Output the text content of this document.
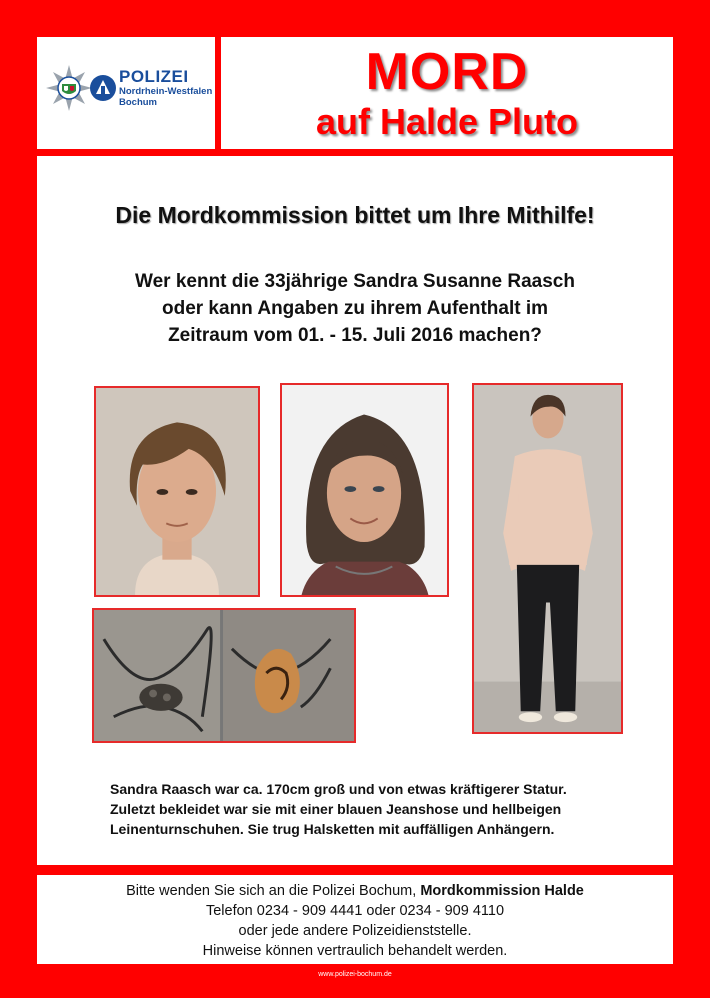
POLIZEI
Nordrhein-Westfalen
Bochum
MORD
auf Halde Pluto
Die Mordkommission bittet um Ihre Mithilfe!
Wer kennt die 33jährige Sandra Susanne Raasch
oder kann Angaben zu ihrem Aufenthalt im
Zeitraum vom 01. - 15. Juli 2016 machen?
Sandra Raasch war ca. 170cm groß und von etwas kräftigerer Statur.
Zuletzt bekleidet war sie mit einer blauen Jeanshose und hellbeigen
Leinenturnschuhen. Sie trug Halsketten mit auffälligen Anhängern.
Bitte wenden Sie sich an die Polizei Bochum, Mordkommission Halde
Telefon 0234 - 909 4441 oder 0234 - 909 4110
oder jede andere Polizeidienststelle.
Hinweise können vertraulich behandelt werden.
www.polizei-bochum.de
